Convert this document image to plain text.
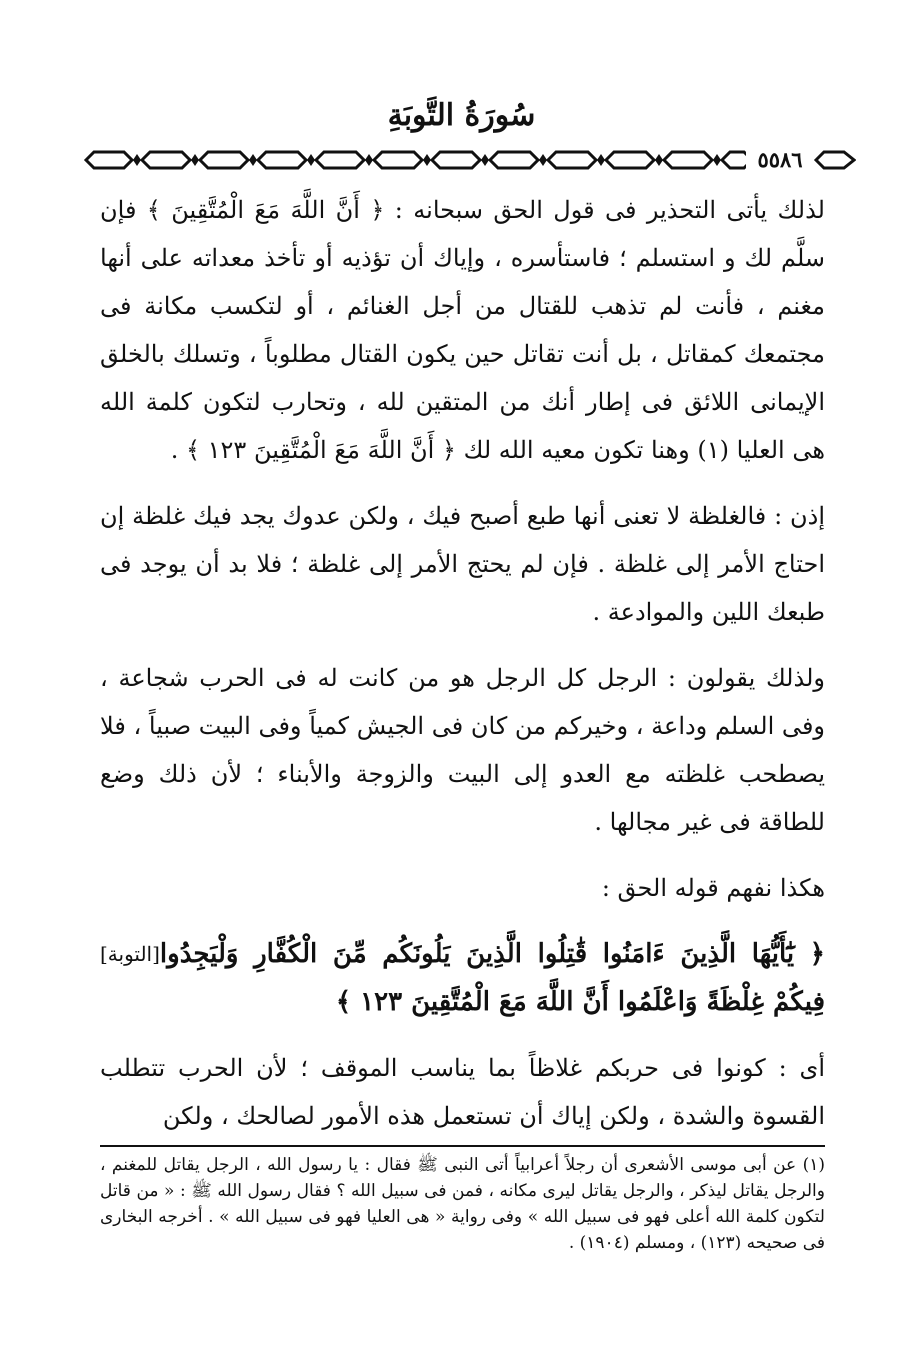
سُورَةُ التَّوبَةِ
٥٥٨٦

لذلك يأتى التحذير فى قول الحق سبحانه : ﴿ أَنَّ اللَّهَ مَعَ الْمُتَّقِينَ ﴾ فإن سلَّم لك و استسلم ؛ فاستأسره ، وإياك أن تؤذيه أو تأخذ معداته على أنها مغنم ، فأنت لم تذهب للقتال من أجل الغنائم ، أو لتكسب مكانة فى مجتمعك كمقاتل ، بل أنت تقاتل حين يكون القتال مطلوباً ، وتسلك بالخلق الإيمانى اللائق فى إطار أنك من المتقين لله ، وتحارب لتكون كلمة الله هى العليا (١) وهنا تكون معيه الله لك ﴿ أَنَّ اللَّهَ مَعَ الْمُتَّقِينَ ١٢٣ ﴾ .

إذن : فالغلظة لا تعنى أنها طبع أصبح فيك ، ولكن عدوك يجد فيك غلظة إن احتاج الأمر إلى غلظة . فإن لم يحتج الأمر إلى غلظة ؛ فلا بد أن يوجد فى طبعك اللين والموادعة .

ولذلك يقولون : الرجل كل الرجل هو من كانت له فى الحرب شجاعة ، وفى السلم وداعة ، وخيركم من كان فى الجيش كمياً وفى البيت صبياً ، فلا يصطحب غلظته مع العدو إلى البيت والزوجة والأبناء ؛ لأن ذلك وضع للطاقة فى غير مجالها .

هكذا نفهم قوله الحق :

[التوبة] ﴿ يَٰٓأَيُّهَا الَّذِينَ ءَامَنُوا قَٰتِلُوا الَّذِينَ يَلُونَكُم مِّنَ الْكُفَّارِ وَلْيَجِدُوا فِيكُمْ غِلْظَةً وَاعْلَمُوا أَنَّ اللَّهَ مَعَ الْمُتَّقِينَ ١٢٣ ﴾

أى : كونوا فى حربكم غلاظاً بما يناسب الموقف ؛ لأن الحرب تتطلب القسوة والشدة ، ولكن إياك أن تستعمل هذه الأمور لصالحك ، ولكن

(١) عن أبى موسى الأشعرى أن رجلاً أعرابياً أتى النبى ﷺ فقال : يا رسول الله ، الرجل يقاتل للمغنم ، والرجل يقاتل ليذكر ، والرجل يقاتل ليرى مكانه ، فمن فى سبيل الله ؟ فقال رسول الله ﷺ : « من قاتل لتكون كلمة الله أعلى فهو فى سبيل الله » وفى رواية « هى العليا فهو فى سبيل الله » . أخرجه البخارى فى صحيحه (١٢٣) ، ومسلم (١٩٠٤) .
